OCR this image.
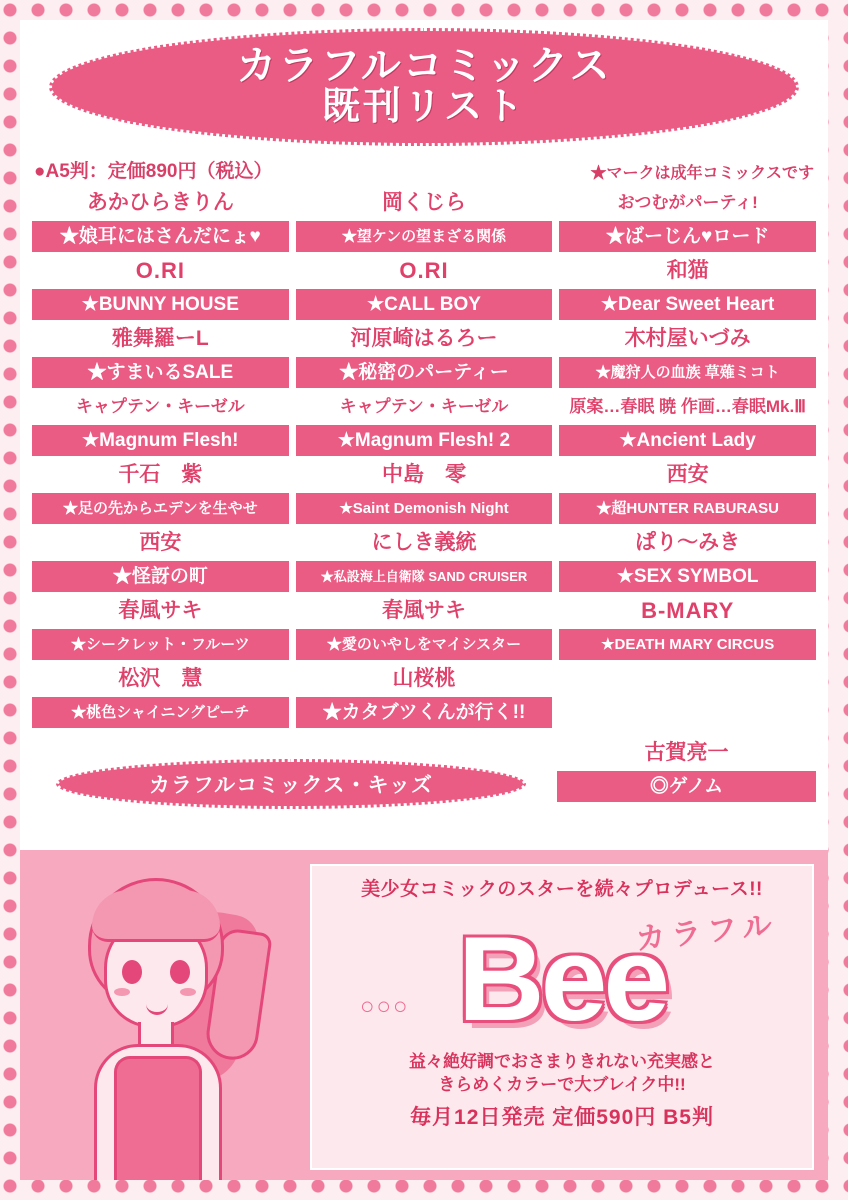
カラフルコミックス
既刊リスト
●A5判：定価890円（税込）	★マークは成年コミックスです
あかひらきりん
★娘耳にはさんだにょ♥
O.RI
★BUNNY HOUSE
雅舞羅ーL
★すまいるSALE
キャプテン・キーゼル
★Magnum Flesh!
千石　紫
★足の先からエデンを生やせ
西安
★怪訝の町
春風サキ
★シークレット・フルーツ
松沢　慧
★桃色シャイニングピーチ
岡くじら
★望ケンの望まざる関係
O.RI
★CALL BOY
河原崎はるろー
★秘密のパーティー
キャプテン・キーゼル
★Magnum Flesh! 2
中島　零
★Saint Demonish Night
にしき義統
★私設海上自衛隊 SAND CRUISER
春風サキ
★愛のいやしをマイシスター
山桜桃
★カタブツくんが行く!!
おつむがパーティ!
★ばーじん♥ロード
和猫
★Dear Sweet Heart
木村屋いづみ
★魔狩人の血族 草薙ミコト
原案…春眠 暁 作画…春眠Mk.Ⅲ
★Ancient Lady
西安
★超HUNTER RABURASU
ぱり〜みき
★SEX SYMBOL
B-MARY
★DEATH MARY CIRCUS
カラフルコミックス・キッズ
古賀亮一
◎ゲノム
美少女コミックのスターを続々プロデュース!!
カラフル
Bee
○○○
益々絶好調でおさまりきれない充実感と
きらめくカラーで大ブレイク中!!
毎月12日発売 定価590円 B5判
